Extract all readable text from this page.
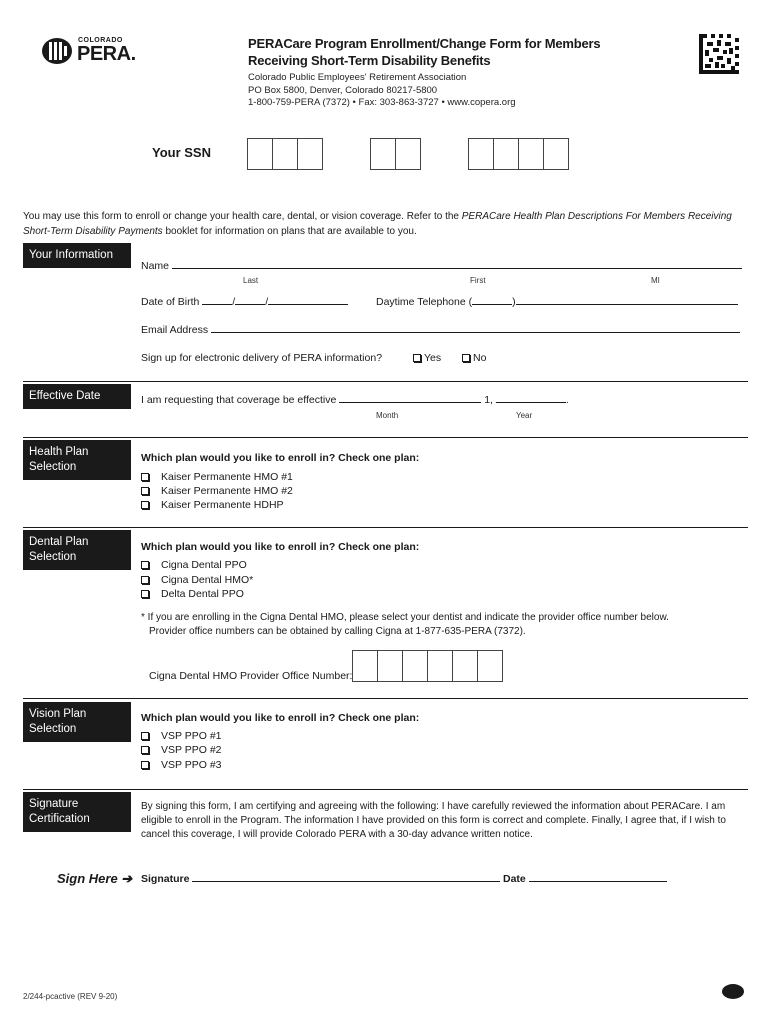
COLORADO
PERA.	PERACare Program Enrollment/Change Form for Members
Receiving Short-Term Disability Benefits
Colorado Public Employees' Retirement Association
PO Box 5800, Denver, Colorado 80217-5800
1-800-759-PERA (7372) • Fax: 303-863-3727 • www.copera.org
Your SSN
You may use this form to enroll or change your health care, dental, or vision coverage. Refer to the PERACare Health Plan Descriptions For Members Receiving Short-Term Disability Payments booklet for information on plans that are available to you.
Your Information
Name
Last	First	MI
Date of Birth	/	/	Daytime Telephone (	)
Email Address
Sign up for electronic delivery of PERA information?	Yes	No
Effective Date	I am requesting that coverage be effective	1,	.
Month	Year
Health Plan Selection
Which plan would you like to enroll in? Check one plan:
Kaiser Permanente HMO #1
Kaiser Permanente HMO #2
Kaiser Permanente HDHP
Dental Plan Selection
Which plan would you like to enroll in? Check one plan:
Cigna Dental PPO
Cigna Dental HMO*
Delta Dental PPO
* If you are enrolling in the Cigna Dental HMO, please select your dentist and indicate the provider office number below.
Provider office numbers can be obtained by calling Cigna at 1-877-635-PERA (7372).
Cigna Dental HMO Provider Office Number:
Vision Plan Selection
Which plan would you like to enroll in? Check one plan:
VSP PPO #1
VSP PPO #2
VSP PPO #3
Signature Certification
By signing this form, I am certifying and agreeing with the following: I have carefully reviewed the information about PERACare. I am eligible to enroll in the Program. The information I have provided on this form is correct and complete. Finally, I agree that, if I wish to cancel this coverage, I will provide Colorado PERA with a 30-day advance written notice.
Sign Here ➔ Signature	Date
2/244-pcactive (REV 9-20)
